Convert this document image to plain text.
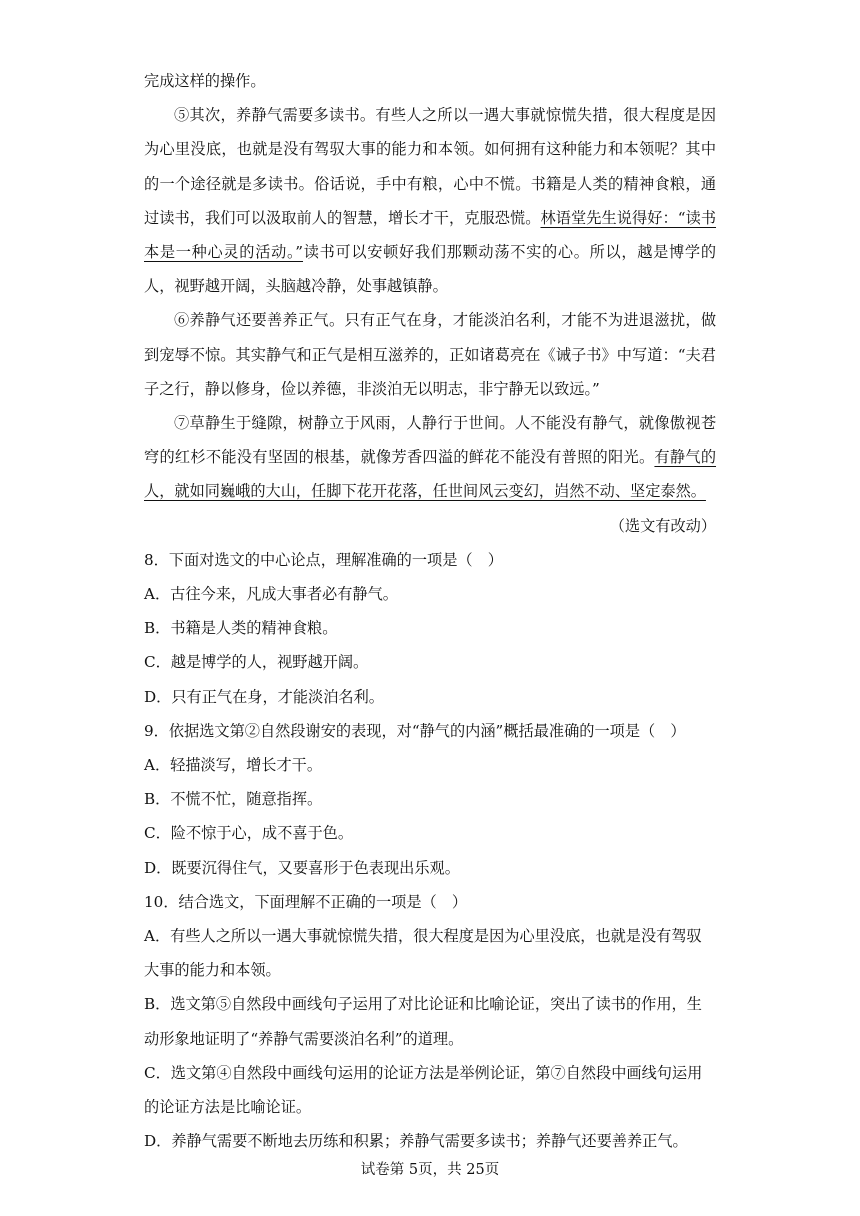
完成这样的操作。

⑤其次，养静气需要多读书。有些人之所以一遇大事就惊慌失措，很大程度是因为心里没底，也就是没有驾驭大事的能力和本领。如何拥有这种能力和本领呢？其中的一个途径就是多读书。俗话说，手中有粮，心中不慌。书籍是人类的精神食粮，通过读书，我们可以汲取前人的智慧，增长才干，克服恐慌。林语堂先生说得好：“读书本是一种心灵的活动。”读书可以安顿好我们那颗动荡不实的心。所以，越是博学的人，视野越开阔，头脑越冷静，处事越镇静。

⑥养静气还要善养正气。只有正气在身，才能淡泊名利，才能不为进退滋扰，做到宠辱不惊。其实静气和正气是相互滋养的，正如诸葛亮在《诫子书》中写道：“夫君子之行，静以修身，俭以养德，非淡泊无以明志，非宁静无以致远。”

⑦草静生于缝隙，树静立于风雨，人静行于世间。人不能没有静气，就像傲视苍穹的红杉不能没有坚固的根基，就像芳香四溢的鲜花不能没有普照的阳光。有静气的人，就如同巍峨的大山，任脚下花开花落，任世间风云变幻，岿然不动、坚定泰然。

（选文有改动）

8．下面对选文的中心论点，理解准确的一项是（　）

A．古往今来，凡成大事者必有静气。

B．书籍是人类的精神食粮。

C．越是博学的人，视野越开阔。

D．只有正气在身，才能淡泊名利。

9．依据选文第②自然段谢安的表现，对“静气的内涵”概括最准确的一项是（　）

A．轻描淡写，增长才干。

B．不慌不忙，随意指挥。

C．险不惊于心，成不喜于色。

D．既要沉得住气，又要喜形于色表现出乐观。

10．结合选文，下面理解不正确的一项是（　）

A．有些人之所以一遇大事就惊慌失措，很大程度是因为心里没底，也就是没有驾驭大事的能力和本领。

B．选文第⑤自然段中画线句子运用了对比论证和比喻论证，突出了读书的作用，生动形象地证明了“养静气需要淡泊名利”的道理。

C．选文第④自然段中画线句运用的论证方法是举例论证，第⑦自然段中画线句运用的论证方法是比喻论证。

D．养静气需要不断地去历练和积累；养静气需要多读书；养静气还要善养正气。

试卷第 5页，共 25页
